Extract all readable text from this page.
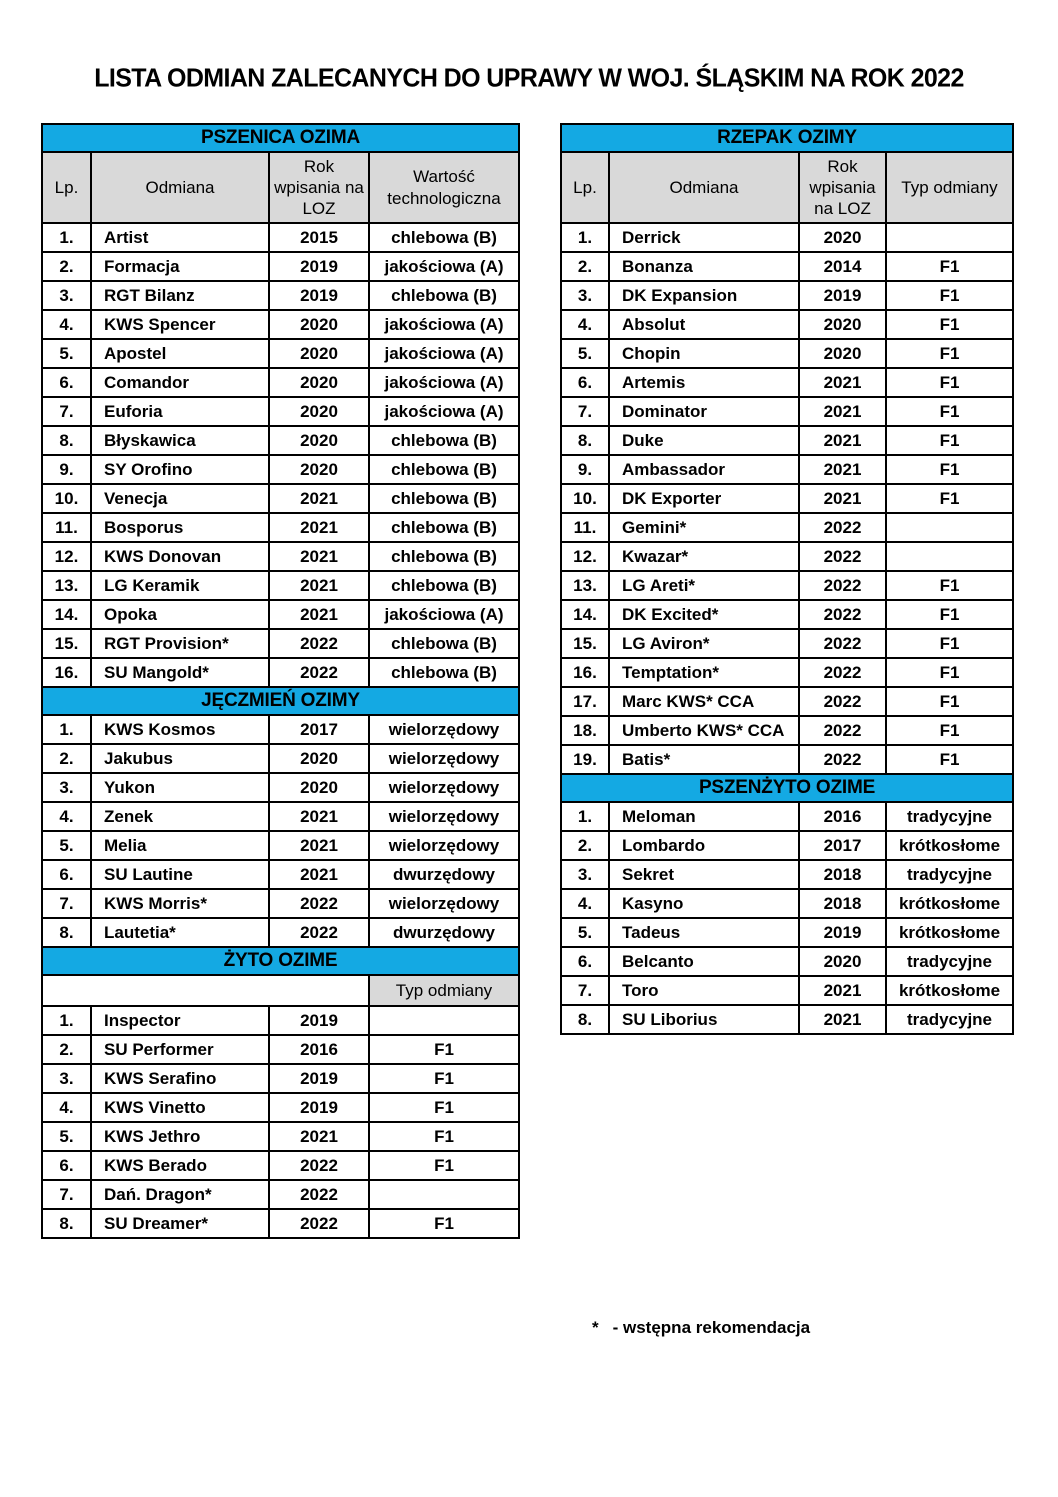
LISTA ODMIAN ZALECANYCH DO UPRAWY W WOJ. ŚLĄSKIM NA ROK 2022
PSZENICA OZIMA			
Lp.	Odmiana	Rok wpisania na LOZ	Wartość technologiczna
1.	Artist	2015	chlebowa (B)
2.	Formacja	2019	jakościowa (A)
3.	RGT Bilanz	2019	chlebowa (B)
4.	KWS Spencer	2020	jakościowa (A)
5.	Apostel	2020	jakościowa (A)
6.	Comandor	2020	jakościowa (A)
7.	Euforia	2020	jakościowa (A)
8.	Błyskawica	2020	chlebowa (B)
9.	SY Orofino	2020	chlebowa (B)
10.	Venecja	2021	chlebowa (B)
11.	Bosporus	2021	chlebowa (B)
12.	KWS Donovan	2021	chlebowa (B)
13.	LG Keramik	2021	chlebowa (B)
14.	Opoka	2021	jakościowa (A)
15.	RGT Provision*	2022	chlebowa (B)
16.	SU Mangold*	2022	chlebowa (B)
JĘCZMIEŃ OZIMY			
1.	KWS Kosmos	2017	wielorzędowy
2.	Jakubus	2020	wielorzędowy
3.	Yukon	2020	wielorzędowy
4.	Zenek	2021	wielorzędowy
5.	Melia	2021	wielorzędowy
6.	SU Lautine	2021	dwurzędowy
7.	KWS Morris*	2022	wielorzędowy
8.	Lautetia*	2022	dwurzędowy
ŻYTO OZIME			
			Typ odmiany
1.	Inspector	2019	
2.	SU Performer	2016	F1
3.	KWS Serafino	2019	F1
4.	KWS Vinetto	2019	F1
5.	KWS Jethro	2021	F1
6.	KWS Berado	2022	F1
7.	Dań. Dragon*	2022	
8.	SU Dreamer*	2022	F1
RZEPAK OZIMY			
Lp.	Odmiana	Rok wpisania na LOZ	Typ odmiany
1.	Derrick	2020	
2.	Bonanza	2014	F1
3.	DK Expansion	2019	F1
4.	Absolut	2020	F1
5.	Chopin	2020	F1
6.	Artemis	2021	F1
7.	Dominator	2021	F1
8.	Duke	2021	F1
9.	Ambassador	2021	F1
10.	DK Exporter	2021	F1
11.	Gemini*	2022	
12.	Kwazar*	2022	
13.	LG Areti*	2022	F1
14.	DK Excited*	2022	F1
15.	LG Aviron*	2022	F1
16.	Temptation*	2022	F1
17.	Marc KWS* CCA	2022	F1
18.	Umberto KWS* CCA	2022	F1
19.	Batis*	2022	F1
PSZENŻYTO OZIME			
1.	Meloman	2016	tradycyjne
2.	Lombardo	2017	krótkosłome
3.	Sekret	2018	tradycyjne
4.	Kasyno	2018	krótkosłome
5.	Tadeus	2019	krótkosłome
6.	Belcanto	2020	tradycyjne
7.	Toro	2021	krótkosłome
8.	SU Liborius	2021	tradycyjne
* - wstępna rekomendacja
